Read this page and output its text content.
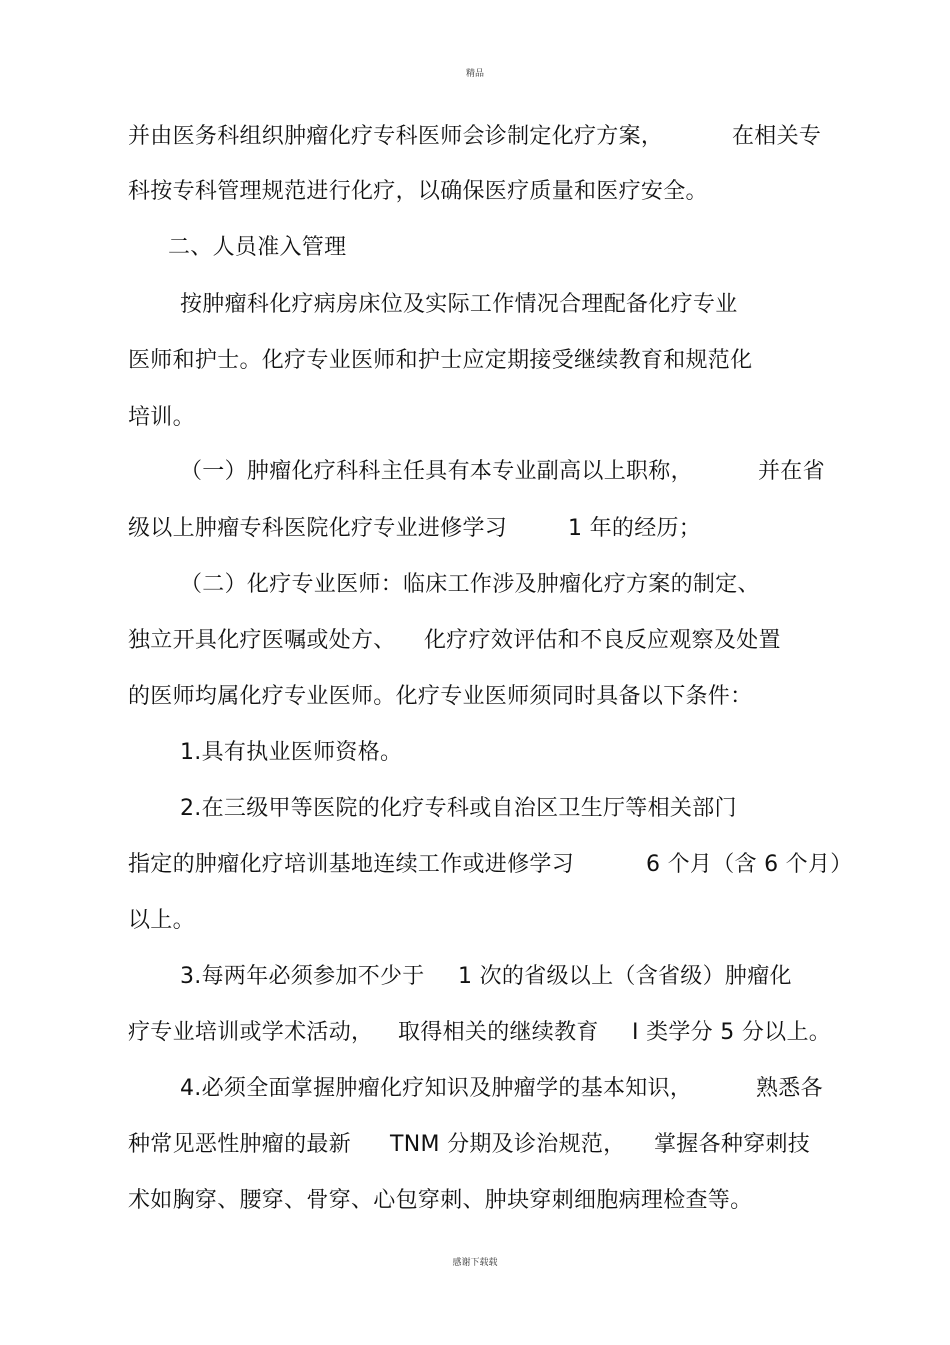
精品
并由医务科组织肿瘤化疗专科医师会诊制定化疗方案，	在相关专
科按专科管理规范进行化疗，以确保医疗质量和医疗安全。
二、人员准入管理
按肿瘤科化疗病房床位及实际工作情况合理配备化疗专业
医师和护士。化疗专业医师和护士应定期接受继续教育和规范化
培训。
（一）肿瘤化疗科科主任具有本专业副高以上职称，	并在省
级以上肿瘤专科医院化疗专业进修学习	1 年的经历；
（二）化疗专业医师：临床工作涉及肿瘤化疗方案的制定、
独立开具化疗医嘱或处方、 化疗疗效评估和不良反应观察及处置
的医师均属化疗专业医师。化疗专业医师须同时具备以下条件：
1.具有执业医师资格。
2.在三级甲等医院的化疗专科或自治区卫生厅等相关部门
指定的肿瘤化疗培训基地连续工作或进修学习	6 个月（含 6 个月）
以上。
3.每两年必须参加不少于 1 次的省级以上（含省级）肿瘤化
疗专业培训或学术活动， 取得相关的继续教育 I 类学分 5 分以上。
4.必须全面掌握肿瘤化疗知识及肿瘤学的基本知识，	熟悉各
种常见恶性肿瘤的最新 TNM 分期及诊治规范， 掌握各种穿刺技
术如胸穿、腰穿、骨穿、心包穿刺、肿块穿刺细胞病理检查等。
感谢下载载
